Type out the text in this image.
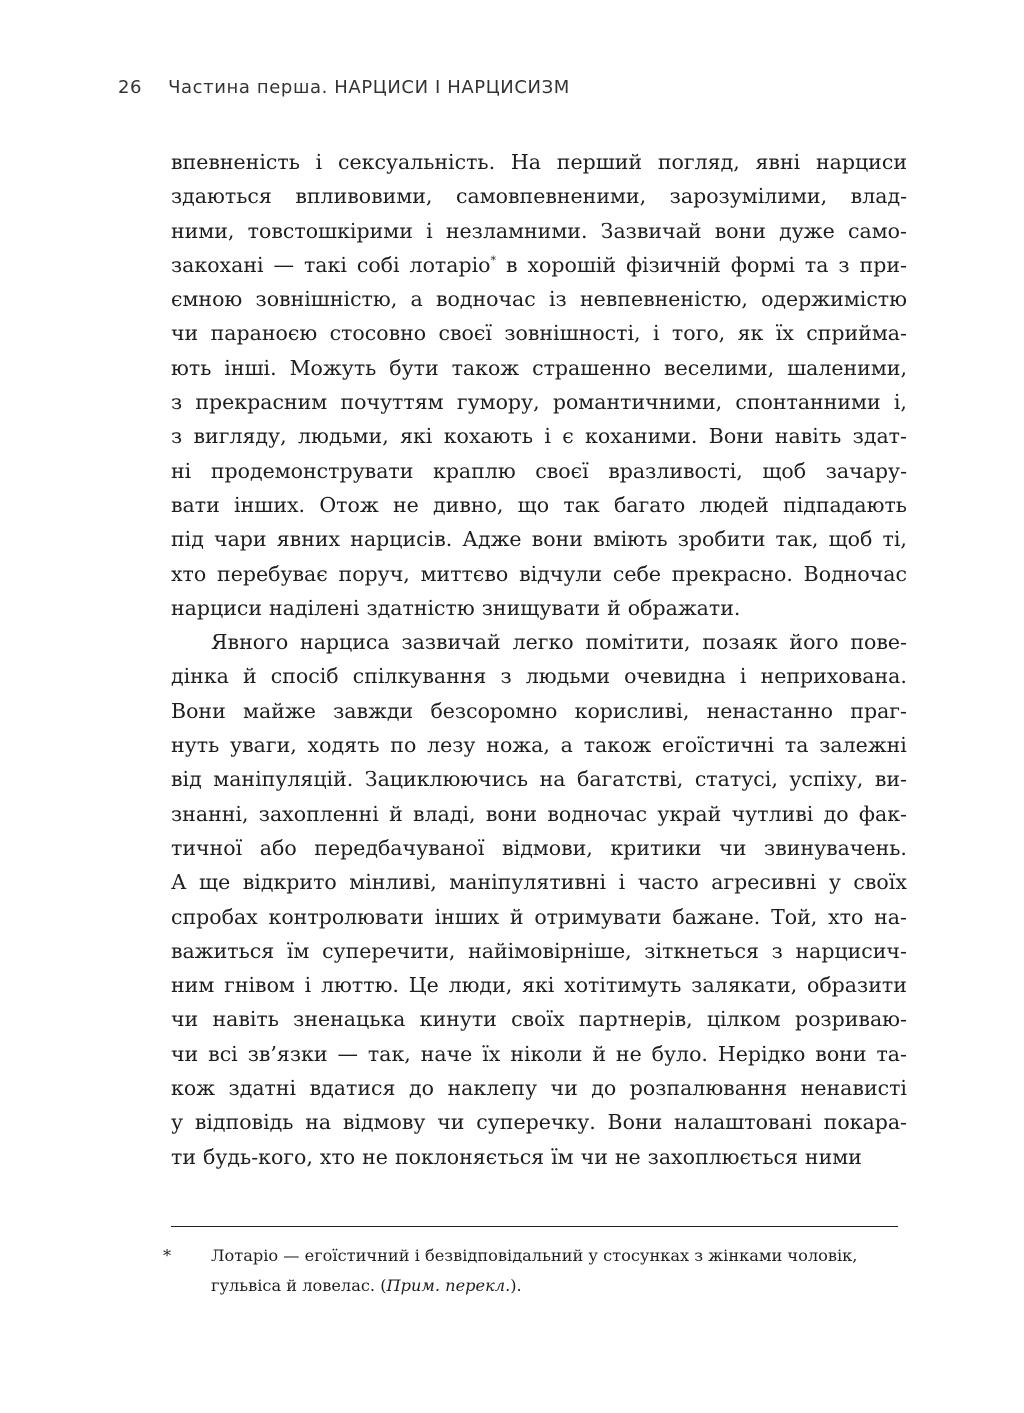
26 Частина перша. НАРЦИСИ І НАРЦИСИЗМ
впевненість і сексуальність. На перший погляд, явні нарциси
здаються впливовими, самовпевненими, зарозумілими, влад-
ними, товстошкірими і незламними. Зазвичай вони дуже само-
закохані — такі собі лотаріо* в хорошій фізичній формі та з при-
ємною зовнішністю, а водночас із невпевненістю, одержимістю
чи параноєю стосовно своєї зовнішності, і того, як їх сприйма-
ють інші. Можуть бути також страшенно веселими, шаленими,
з прекрасним почуттям гумору, романтичними, спонтанними і,
з вигляду, людьми, які кохають і є коханими. Вони навіть здат-
ні продемонструвати краплю своєї вразливості, щоб зачару-
вати інших. Отож не дивно, що так багато людей підпадають
під чари явних нарцисів. Адже вони вміють зробити так, щоб ті,
хто перебуває поруч, миттєво відчули себе прекрасно. Водночас
нарциси наділені здатністю знищувати й ображати.
Явного нарциса зазвичай легко помітити, позаяк його пове-
дінка й спосіб спілкування з людьми очевидна і неприхована.
Вони майже завжди безсоромно корисливі, ненастанно праг-
нуть уваги, ходять по лезу ножа, а також егоїстичні та залежні
від маніпуляцій. Зациклюючись на багатстві, статусі, успіху, ви-
знанні, захопленні й владі, вони водночас украй чутливі до фак-
тичної або передбачуваної відмови, критики чи звинувачень.
А ще відкрито мінливі, маніпулятивні і часто агресивні у своїх
спробах контролювати інших й отримувати бажане. Той, хто на-
важиться їм суперечити, найімовірніше, зіткнеться з нарцисич-
ним гнівом і люттю. Це люди, які хотітимуть залякати, образити
чи навіть зненацька кинути своїх партнерів, цілком розриваю-
чи всі зв’язки — так, наче їх ніколи й не було. Нерідко вони та-
кож здатні вдатися до наклепу чи до розпалювання ненависті
у відповідь на відмову чи суперечку. Вони налаштовані покара-
ти будь-кого, хто не поклоняється їм чи не захоплюється ними
* Лотаріо — егоїстичний і безвідповідальний у стосунках з жінками чоловік,
гульвіса й ловелас. (Прим. перекл.).
